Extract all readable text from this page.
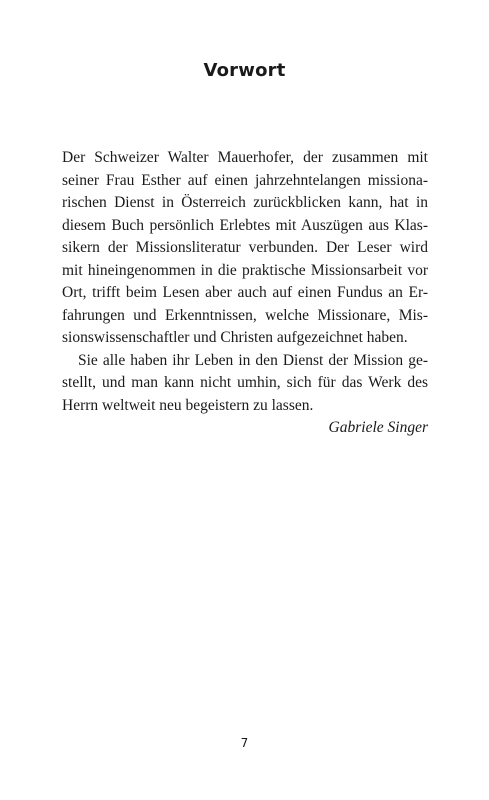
Vorwort
Der Schweizer Walter Mauerhofer, der zusammen mit
seiner Frau Esther auf einen jahrzehntelangen missiona-
rischen Dienst in Österreich zurückblicken kann, hat in
diesem Buch persönlich Erlebtes mit Auszügen aus Klas-
sikern der Missionsliteratur verbunden. Der Leser wird
mit hineingenommen in die praktische Missionsarbeit vor
Ort, trifft beim Lesen aber auch auf einen Fundus an Er-
fahrungen und Erkenntnissen, welche Missionare, Mis-
sionswissenschaftler und Christen aufgezeichnet haben.
Sie alle haben ihr Leben in den Dienst der Mission ge-
stellt, und man kann nicht umhin, sich für das Werk des
Herrn weltweit neu begeistern zu lassen.
Gabriele Singer
7
